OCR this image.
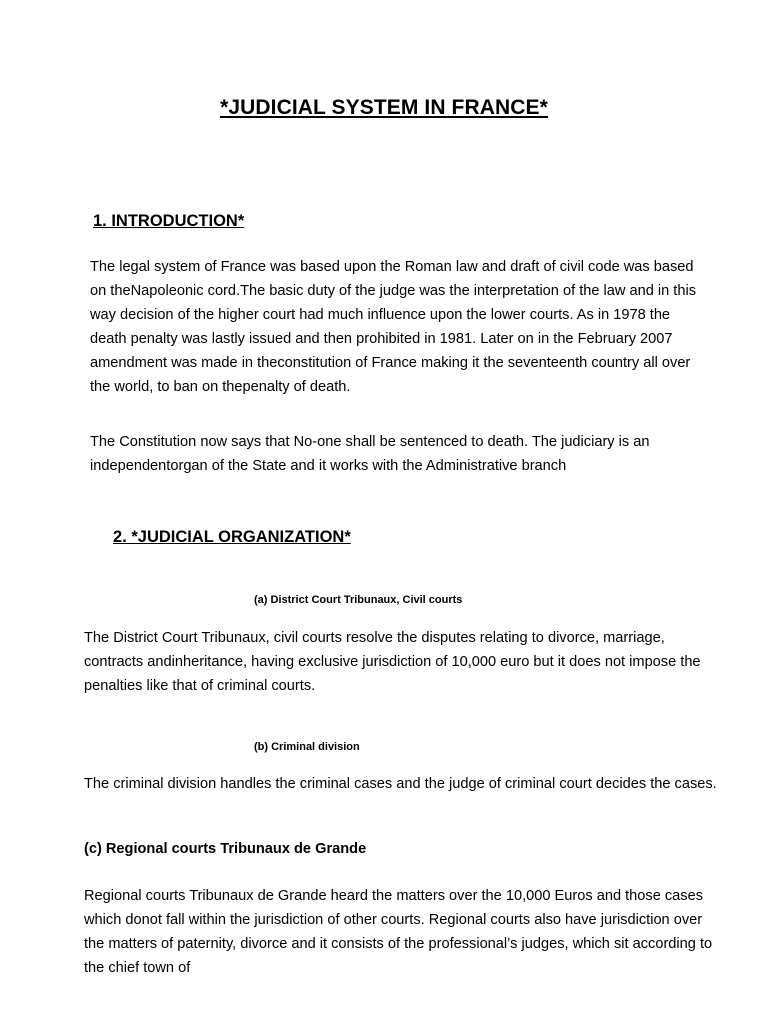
*JUDICIAL SYSTEM IN FRANCE*
1. INTRODUCTION*

The legal system of France was based upon the Roman law and draft of civil code was based on theNapoleonic cord.The basic duty of the judge was the interpretation of the law and in this way decision of the higher court had much influence upon the lower courts. As in 1978 the death penalty was lastly issued and then prohibited in 1981. Later on in the February 2007 amendment was made in theconstitution of France making it the seventeenth country all over the world, to ban on thepenalty of death.

The Constitution now says that No-one shall be sentenced to death. The judiciary is an independentorgan of the State and it works with the Administrative branch

2. *JUDICIAL ORGANIZATION*
(a) District Court Tribunaux, Civil courts

The District Court Tribunaux, civil courts resolve the disputes relating to divorce, marriage, contracts andinheritance, having exclusive jurisdiction of 10,000 euro but it does not impose the penalties like that of criminal courts.

(b) Criminal division

The criminal division handles the criminal cases and the judge of criminal court decides the cases.

(c) Regional courts Tribunaux de Grande

Regional courts Tribunaux de Grande heard the matters over the 10,000 Euros and those cases which donot fall within the jurisdiction of other courts. Regional courts also have jurisdiction over the matters of paternity, divorce and it consists of the professional’s judges, which sit according to the chief town of
